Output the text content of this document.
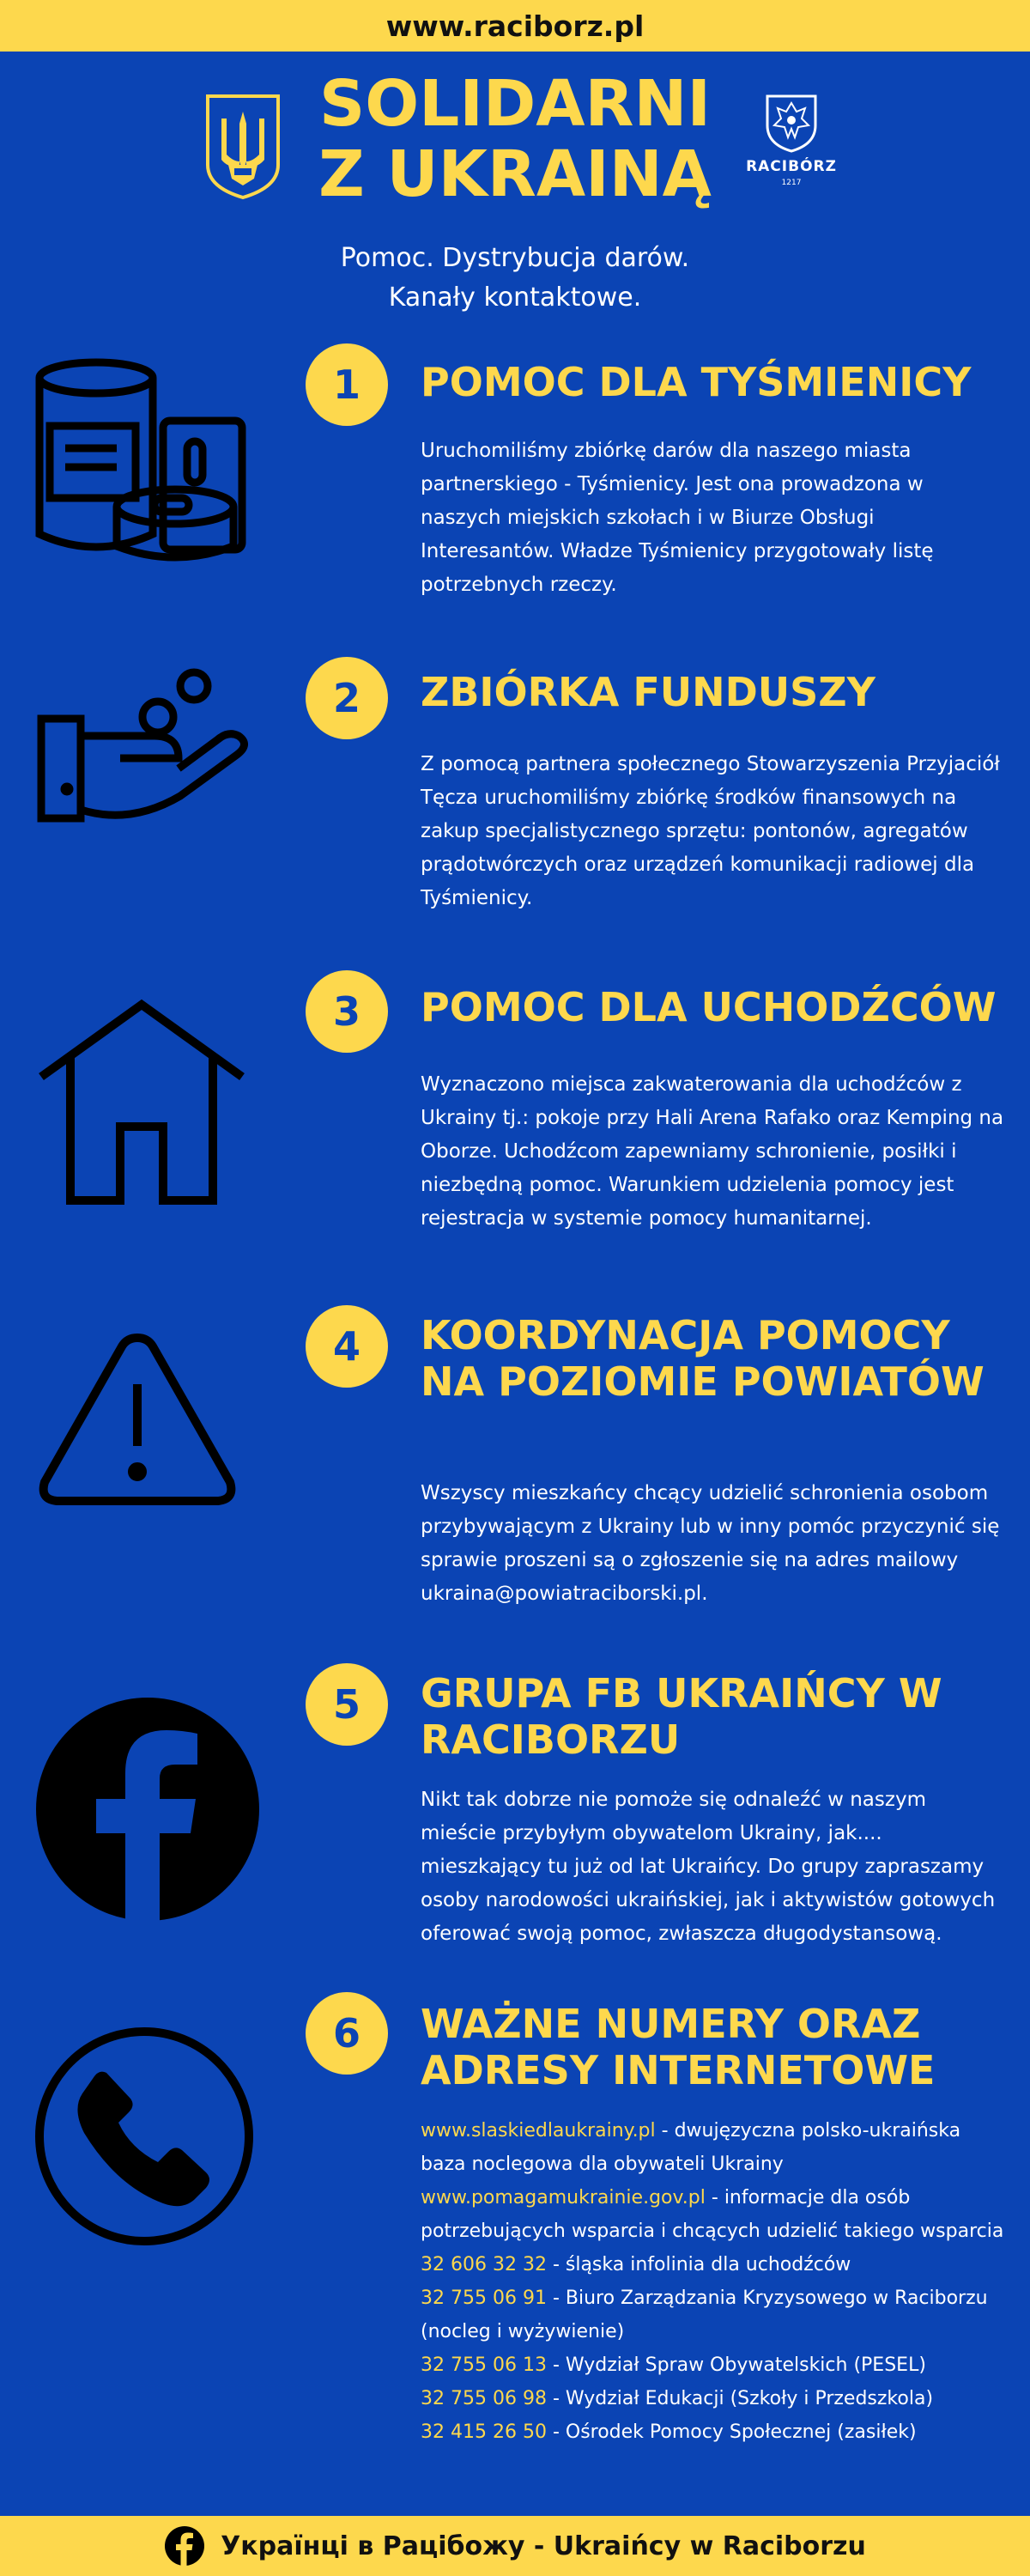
www.raciborz.pl
SOLIDARNI
Z UKRAINĄ	RACIBÓRZ
1217
Pomoc. Dystrybucja darów.
Kanały kontaktowe.
1	POMOC DLA TYŚMIENICY
Uruchomiliśmy zbiórkę darów dla naszego miasta partnerskiego - Tyśmienicy. Jest ona prowadzona w naszych miejskich szkołach i w Biurze Obsługi Interesantów. Władze Tyśmienicy przygotowały listę potrzebnych rzeczy.
2	ZBIÓRKA FUNDUSZY
Z pomocą partnera społecznego Stowarzyszenia Przyjaciół Tęcza uruchomiliśmy zbiórkę środków finansowych na zakup specjalistycznego sprzętu: pontonów, agregatów prądotwórczych oraz urządzeń komunikacji radiowej dla Tyśmienicy.
3	POMOC DLA UCHODŹCÓW
Wyznaczono miejsca zakwaterowania dla uchodźców z Ukrainy tj.: pokoje przy Hali Arena Rafako oraz Kemping na Oborze. Uchodźcom zapewniamy schronienie, posiłki i niezbędną pomoc. Warunkiem udzielenia pomocy jest rejestracja w systemie pomocy humanitarnej.
4	KOORDYNACJA POMOCY NA POZIOMIE POWIATÓW
Wszyscy mieszkańcy chcący udzielić schronienia osobom przybywającym z Ukrainy lub w inny pomóc przyczynić się sprawie proszeni są o zgłoszenie się na adres mailowy ukraina@powiatraciborski.pl.
5	GRUPA FB UKRAIŃCY W RACIBORZU
Nikt tak dobrze nie pomoże się odnaleźć w naszym mieście przybyłym obywatelom Ukrainy, jak.... mieszkający tu już od lat Ukraińcy. Do grupy zapraszamy osoby narodowości ukraińskiej, jak i aktywistów gotowych oferować swoją pomoc, zwłaszcza długodystansową.
6	WAŻNE NUMERY ORAZ ADRESY INTERNETOWE
www.slaskiedlaukrainy.pl - dwujęzyczna polsko-ukraińska baza noclegowa dla obywateli Ukrainy
www.pomagamukrainie.gov.pl - informacje dla osób potrzebujących wsparcia i chcących udzielić takiego wsparcia
32 606 32 32 - śląska infolinia dla uchodźców
32 755 06 91 - Biuro Zarządzania Kryzysowego w Raciborzu (nocleg i wyżywienie)
32 755 06 13 - Wydział Spraw Obywatelskich (PESEL)
32 755 06 98 - Wydział Edukacji (Szkoły i Przedszkola)
32 415 26 50 - Ośrodek Pomocy Społecznej (zasiłek)
Українці в Рацібожу - Ukraińcy w Raciborzu
